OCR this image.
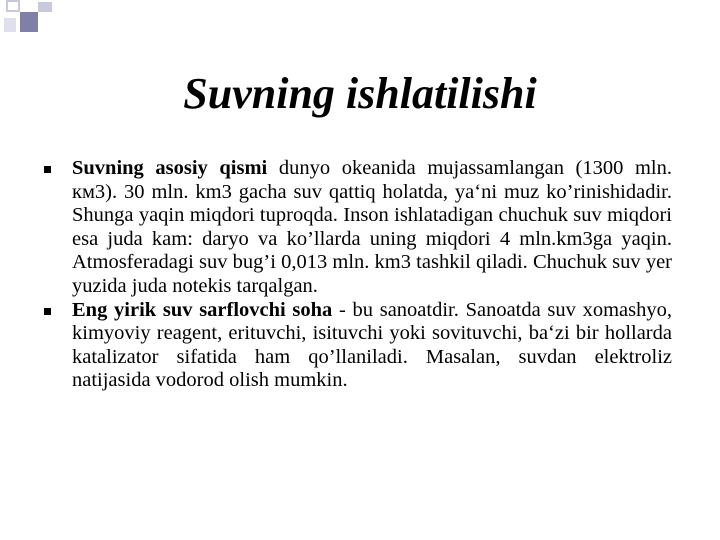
Suvning ishlatilishi

Suvning asosiy qismi dunyo okeanida mujassamlangan (1300 mln. км3). 30 mln. km3 gacha suv qattiq holatda, ya‘ni muz ko’rinishidadir. Shunga yaqin miqdori tuproqda. Inson ishlatadigan chuchuk suv miqdori esa juda kam: daryo va ko’llarda uning miqdori 4 mln.km3ga yaqin. Atmosferadagi suv bug’i 0,013 mln. km3 tashkil qiladi. Chuchuk suv yer yuzida juda notekis tarqalgan.

Eng yirik suv sarflovchi soha - bu sanoatdir. Sanoatda suv xomashyo, kimyoviy reagent, erituvchi, isituvchi yoki sovituvchi, ba‘zi bir hollarda katalizator sifatida ham qo’llaniladi. Masalan, suvdan elektroliz natijasida vodorod olish mumkin.
